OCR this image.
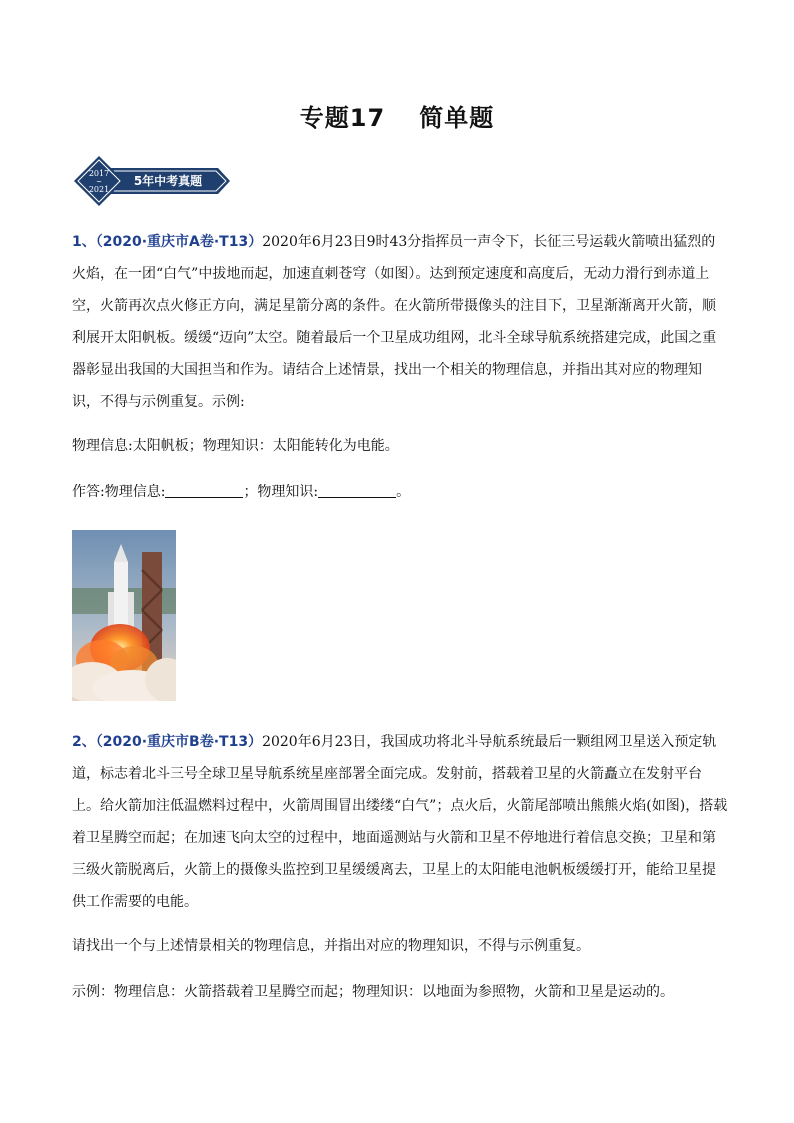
专题17 简单题
2017
~
2021
5年中考真题

1、（2020·重庆市A卷·T13）2020年6月23日9时43分指挥员一声令下，长征三号运载火箭喷出猛烈的火焰，在一团“白气”中拔地而起，加速直刺苍穹（如图）。达到预定速度和高度后，无动力滑行到赤道上空，火箭再次点火修正方向，满足星箭分离的条件。在火箭所带摄像头的注目下，卫星渐渐离开火箭，顺利展开太阳帆板。缓缓“迈向”太空。随着最后一个卫星成功组网，北斗全球导航系统搭建完成，此国之重器彰显出我国的大国担当和作为。请结合上述情景，找出一个相关的物理信息，并指出其对应的物理知识，不得与示例重复。示例:

物理信息:太阳帆板；物理知识：太阳能转化为电能。

作答:物理信息:	；物理知识:	。

2、（2020·重庆市B卷·T13）2020年6月23日，我国成功将北斗导航系统最后一颗组网卫星送入预定轨道，标志着北斗三号全球卫星导航系统星座部署全面完成。发射前，搭载着卫星的火箭矗立在发射平台上。给火箭加注低温燃料过程中，火箭周围冒出缕缕“白气”；点火后，火箭尾部喷出熊熊火焰(如图)，搭载着卫星腾空而起；在加速飞向太空的过程中，地面遥测站与火箭和卫星不停地进行着信息交换；卫星和第三级火箭脱离后，火箭上的摄像头监控到卫星缓缓离去，卫星上的太阳能电池帆板缓缓打开，能给卫星提供工作需要的电能。

请找出一个与上述情景相关的物理信息，并指出对应的物理知识，不得与示例重复。

示例：物理信息：火箭搭载着卫星腾空而起；物理知识：以地面为参照物，火箭和卫星是运动的。
